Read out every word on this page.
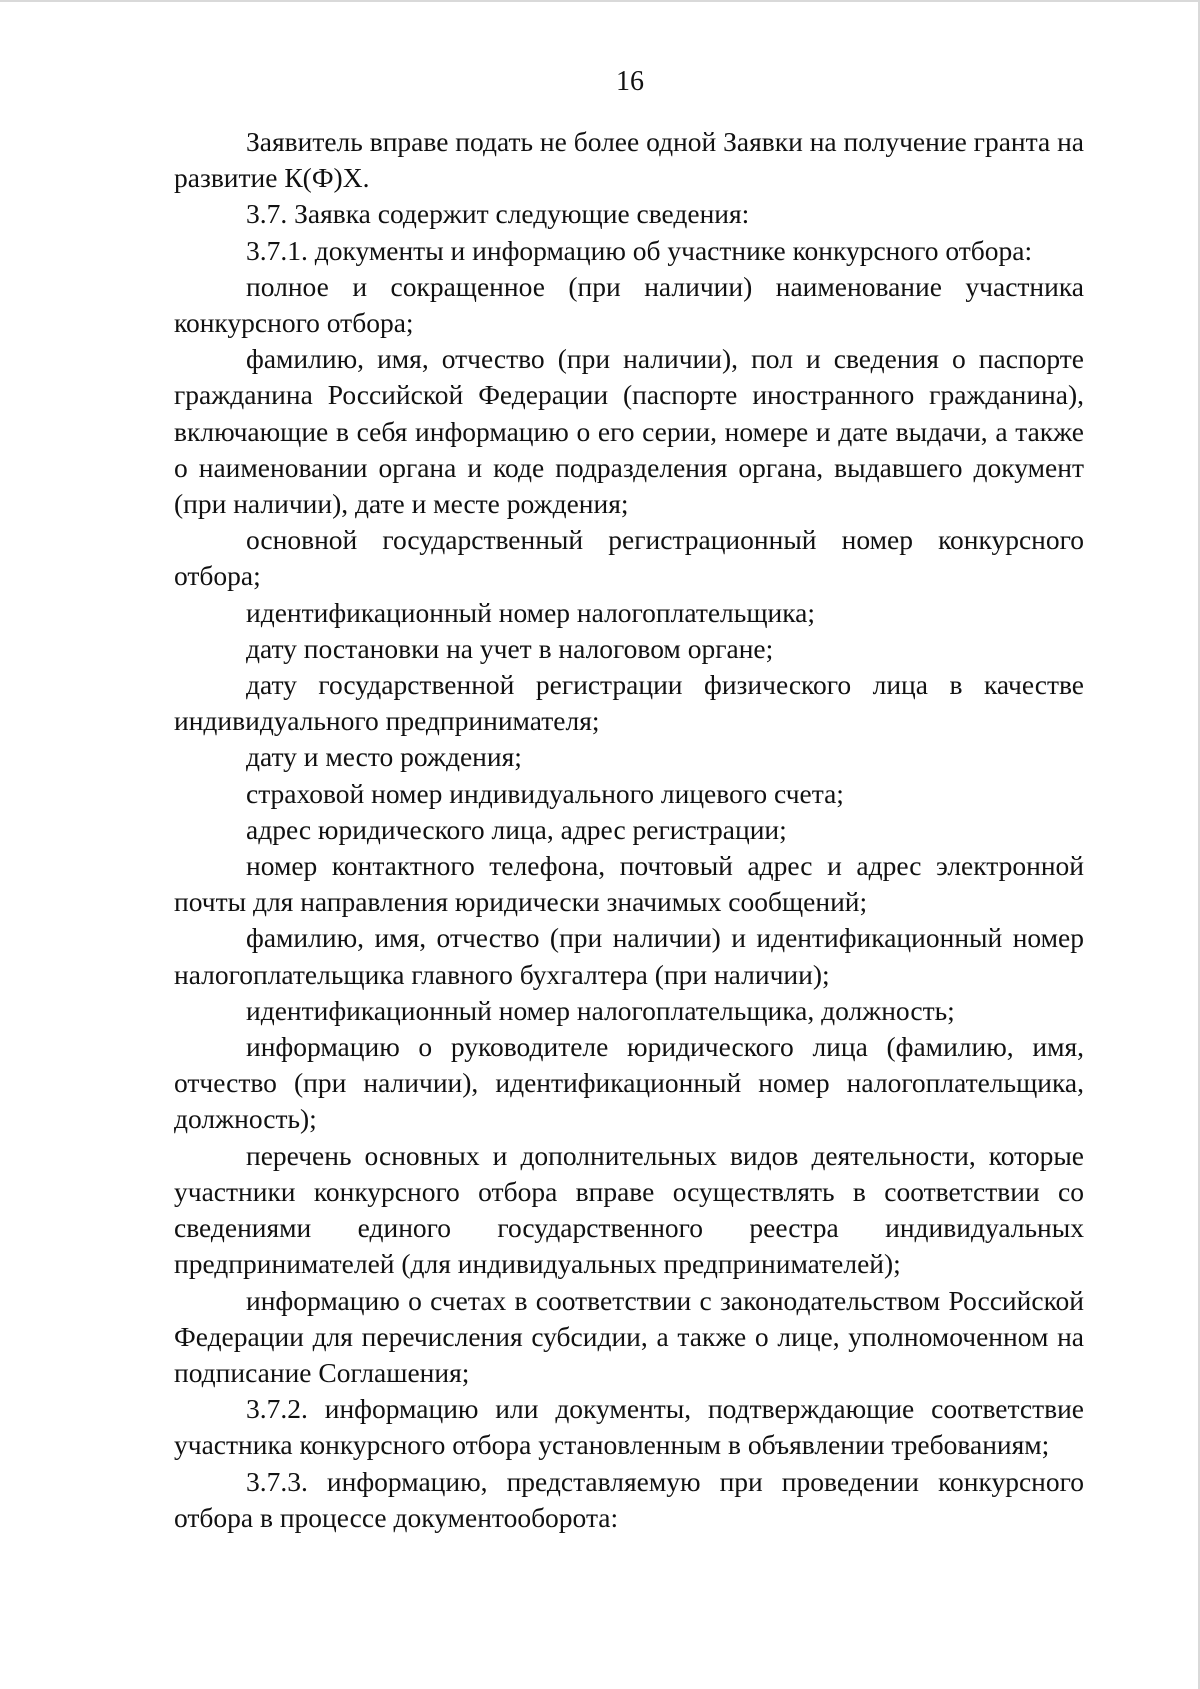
16

Заявитель вправе подать не более одной Заявки на получение гранта на развитие К(Ф)Х.

3.7. Заявка содержит следующие сведения:

3.7.1. документы и информацию об участнике конкурсного отбора:

полное и сокращенное (при наличии) наименование участника конкурсного отбора;

фамилию, имя, отчество (при наличии), пол и сведения о паспорте гражданина Российской Федерации (паспорте иностранного гражданина), включающие в себя информацию о его серии, номере и дате выдачи, а также о наименовании органа и коде подразделения органа, выдавшего документ (при наличии), дате и месте рождения;

основной государственный регистрационный номер конкурсного отбора;

идентификационный номер налогоплательщика;

дату постановки на учет в налоговом органе;

дату государственной регистрации физического лица в качестве индивидуального предпринимателя;

дату и место рождения;

страховой номер индивидуального лицевого счета;

адрес юридического лица, адрес регистрации;

номер контактного телефона, почтовый адрес и адрес электронной почты для направления юридически значимых сообщений;

фамилию, имя, отчество (при наличии) и идентификационный номер налогоплательщика главного бухгалтера (при наличии);

идентификационный номер налогоплательщика, должность;

информацию о руководителе юридического лица (фамилию, имя, отчество (при наличии), идентификационный номер налогоплательщика, должность);

перечень основных и дополнительных видов деятельности, которые участники конкурсного отбора вправе осуществлять в соответствии со сведениями единого государственного реестра индивидуальных предпринимателей (для индивидуальных предпринимателей);

информацию о счетах в соответствии с законодательством Российской Федерации для перечисления субсидии, а также о лице, уполномоченном на подписание Соглашения;

3.7.2. информацию или документы, подтверждающие соответствие участника конкурсного отбора установленным в объявлении требованиям;

3.7.3. информацию, представляемую при проведении конкурсного отбора в процессе документооборота:
